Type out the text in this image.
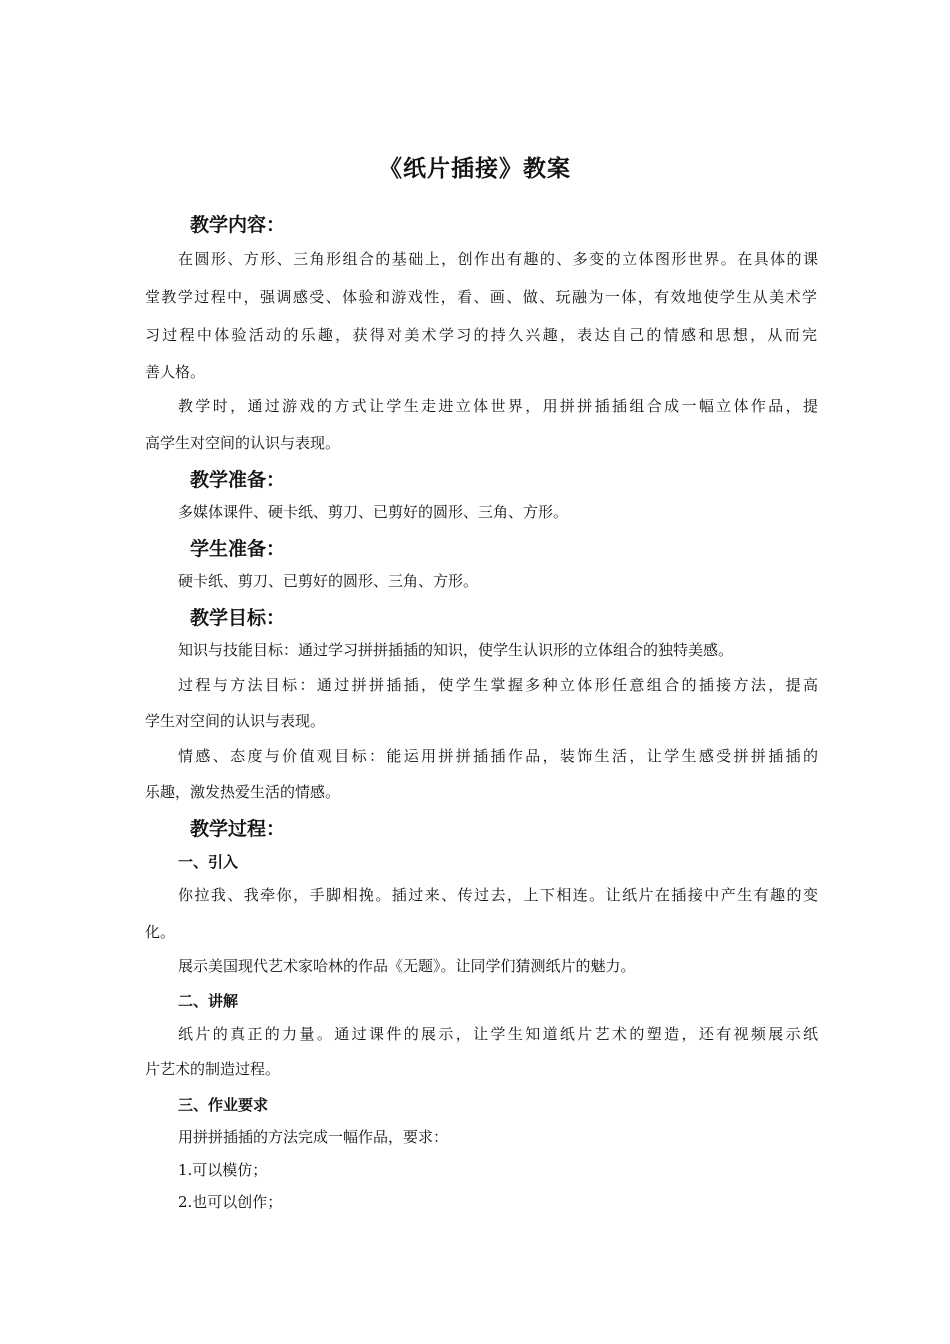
《纸片插接》教案
教学内容：
在圆形、方形、三角形组合的基础上，创作出有趣的、多变的立体图形世界。在具体的课
堂教学过程中，强调感受、体验和游戏性，看、画、做、玩融为一体，有效地使学生从美术学
习过程中体验活动的乐趣，获得对美术学习的持久兴趣，表达自己的情感和思想，从而完
善人格。
教学时，通过游戏的方式让学生走进立体世界，用拼拼插插组合成一幅立体作品，提
高学生对空间的认识与表现。
教学准备：
多媒体课件、硬卡纸、剪刀、已剪好的圆形、三角、方形。
学生准备：
硬卡纸、剪刀、已剪好的圆形、三角、方形。
教学目标：
知识与技能目标：通过学习拼拼插插的知识，使学生认识形的立体组合的独特美感。
过程与方法目标：通过拼拼插插，使学生掌握多种立体形任意组合的插接方法，提高
学生对空间的认识与表现。
情感、态度与价值观目标：能运用拼拼插插作品，装饰生活，让学生感受拼拼插插的
乐趣，激发热爱生活的情感。
教学过程：
一、引入
你拉我、我牵你，手脚相挽。插过来、传过去，上下相连。让纸片在插接中产生有趣的变
化。
展示美国现代艺术家哈林的作品《无题》。让同学们猜测纸片的魅力。
二、讲解
纸片的真正的力量。通过课件的展示，让学生知道纸片艺术的塑造，还有视频展示纸
片艺术的制造过程。
三、作业要求
用拼拼插插的方法完成一幅作品，要求：
1.可以模仿；
2.也可以创作；
